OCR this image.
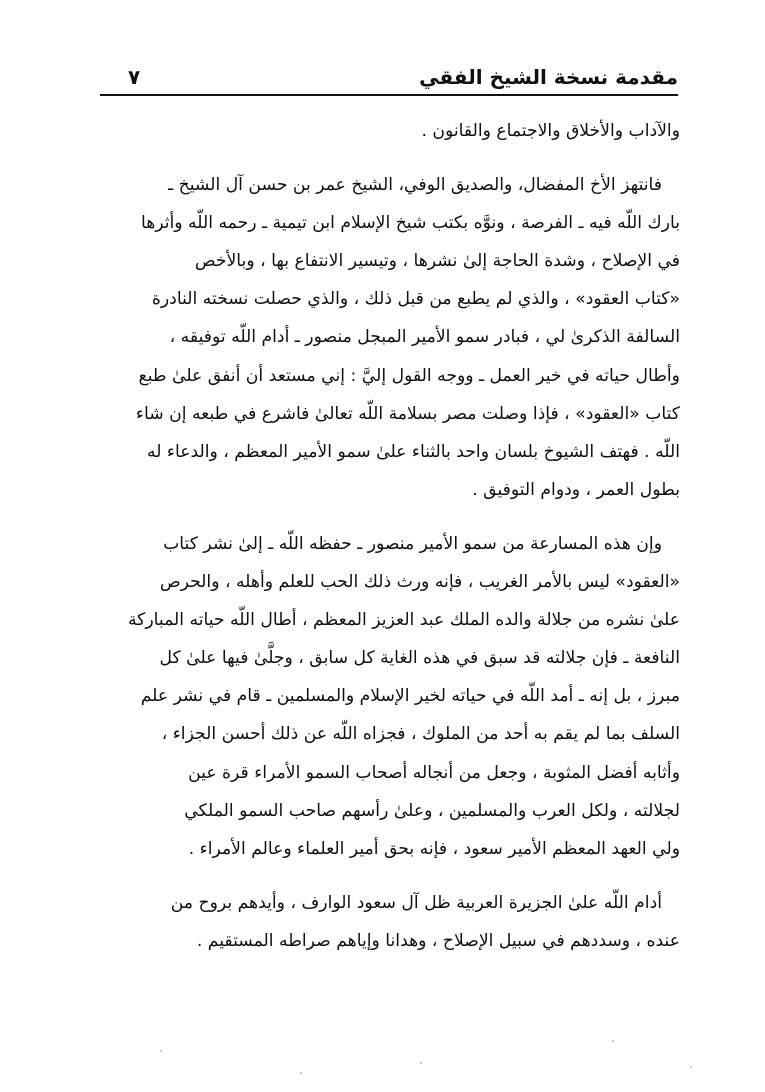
مقدمة نسخة الشيخ الفقي
٧

والآداب والأخلاق والاجتماع والقانون .

فانتهز الأخ المفضال، والصديق الوفي، الشيخ عمر بن حسن آل الشيخ ـ
بارك اللّه فيه ـ الفرصة ، ونوَّه بكتب شيخ الإسلام ابن تيمية ـ رحمه اللّه وأثرها
في الإصلاح ، وشدة الحاجة إلىٰ نشرها ، وتيسير الانتفاع بها ، وبالأخص
«كتاب العقود» ، والذي لم يطبع من قبل ذلك ، والذي حصلت نسخته النادرة
السالفة الذكرىٰ لي ، فبادر سمو الأمير المبجل منصور ـ أدام اللّه توفيقه ،
وأطال حياته في خير العمل ـ ووجه القول إليَّ : إني مستعد أن أنفق علىٰ طبع
كتاب «العقود» ، فإذا وصلت مصر بسلامة اللّه تعالىٰ فاشرع في طبعه إن شاء
اللّه . فهتف الشيوخ بلسان واحد بالثناء علىٰ سمو الأمير المعظم ، والدعاء له
بطول العمر ، ودوام التوفيق .

وإن هذه المسارعة من سمو الأمير منصور ـ حفظه اللّه ـ إلىٰ نشر كتاب
«العقود» ليس بالأمر الغريب ، فإنه ورث ذلك الحب للعلم وأهله ، والحرص
علىٰ نشره من جلالة والده الملك عبد العزيز المعظم ، أطال اللّه حياته المباركة
النافعة ـ فإن جلالته قد سبق في هذه الغاية كل سابق ، وجلَّىٰ فيها علىٰ كل
مبرز ، بل إنه ـ أمد اللّه في حياته لخير الإسلام والمسلمين ـ قام في نشر علم
السلف بما لم يقم به أحد من الملوك ، فجزاه اللّه عن ذلك أحسن الجزاء ،
وأثابه أفضل المثوبة ، وجعل من أنجاله أصحاب السمو الأمراء قرة عين
لجلالته ، ولكل العرب والمسلمين ، وعلىٰ رأسهم صاحب السمو الملكي
ولي العهد المعظم الأمير سعود ، فإنه بحق أمير العلماء وعالم الأمراء .

أدام اللّه علىٰ الجزيرة العربية ظل آل سعود الوارف ، وأيدهم بروح من
عنده ، وسددهم في سبيل الإصلاح ، وهدانا وإياهم صراطه المستقيم .
